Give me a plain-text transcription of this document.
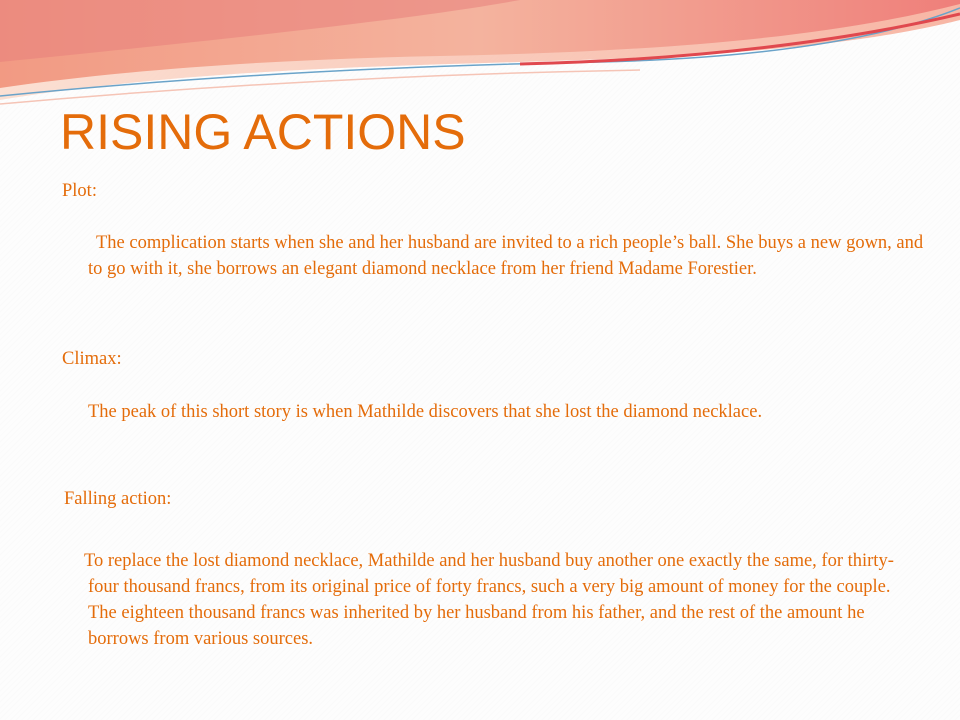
RISING ACTIONS

Plot:

The complication starts when she and her husband are invited to a rich people’s ball. She buys a new gown, and to go with it, she borrows an elegant diamond necklace from her friend Madame Forestier.

Climax:

The peak of this short story is when Mathilde discovers that she lost the diamond necklace.

Falling action:

To replace the lost diamond necklace, Mathilde and her husband buy another one exactly the same, for thirty-four thousand francs, from its original price of forty francs, such a very big amount of money for the couple. The eighteen thousand francs was inherited by her husband from his father, and the rest of the amount he borrows from various sources.
